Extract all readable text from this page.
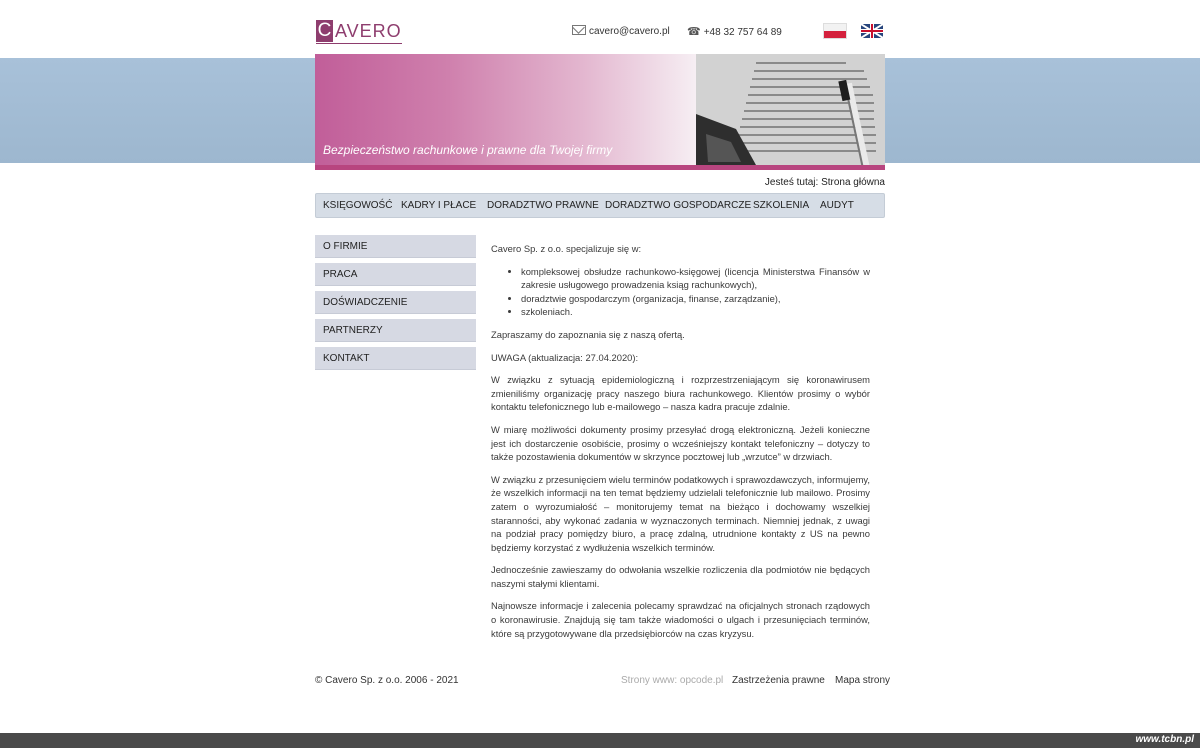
C AVERO	cavero@cavero.pl ☎ +48 32 757 64 89
Bezpieczeństwo rachunkowe i prawne dla Twojej firmy
Jesteś tutaj: Strona główna
KSIĘGOWOŚĆ KADRY I PŁACE DORADZTWO PRAWNE DORADZTWO GOSPODARCZE SZKOLENIA AUDYT
O FIRMIE
PRACA
DOŚWIADCZENIE
PARTNERZY
KONTAKT

Cavero Sp. z o.o. specjalizuje się w:

• kompleksowej obsłudze rachunkowo-księgowej (licencja Ministerstwa Finansów w zakresie usługowego prowadzenia ksiąg rachunkowych),
• doradztwie gospodarczym (organizacja, finanse, zarządzanie),
• szkoleniach.

Zapraszamy do zapoznania się z naszą ofertą.

UWAGA (aktualizacja: 27.04.2020):

W związku z sytuacją epidemiologiczną i rozprzestrzeniającym się koronawirusem zmieniliśmy organizację pracy naszego biura rachunkowego. Klientów prosimy o wybór kontaktu telefonicznego lub e-mailowego – nasza kadra pracuje zdalnie.

W miarę możliwości dokumenty prosimy przesyłać drogą elektroniczną. Jeżeli konieczne jest ich dostarczenie osobiście, prosimy o wcześniejszy kontakt telefoniczny – dotyczy to także pozostawienia dokumentów w skrzynce pocztowej lub „wrzutce” w drzwiach.

W związku z przesunięciem wielu terminów podatkowych i sprawozdawczych, informujemy, że wszelkich informacji na ten temat będziemy udzielali telefonicznie lub mailowo. Prosimy zatem o wyrozumiałość – monitorujemy temat na bieżąco i dochowamy wszelkiej staranności, aby wykonać zadania w wyznaczonych terminach. Niemniej jednak, z uwagi na podział pracy pomiędzy biuro, a pracę zdalną, utrudnione kontakty z US na pewno będziemy korzystać z wydłużenia wszelkich terminów.

Jednocześnie zawieszamy do odwołania wszelkie rozliczenia dla podmiotów nie będących naszymi stałymi klientami.

Najnowsze informacje i zalecenia polecamy sprawdzać na oficjalnych stronach rządowych o koronawirusie. Znajdują się tam także wiadomości o ulgach i przesunięciach terminów, które są przygotowywane dla przedsiębiorców na czas kryzysu.

© Cavero Sp. z o.o. 2006 - 2021	Strony www: opcode.pl Zastrzeżenia prawne Mapa strony
www.tcbn.pl
